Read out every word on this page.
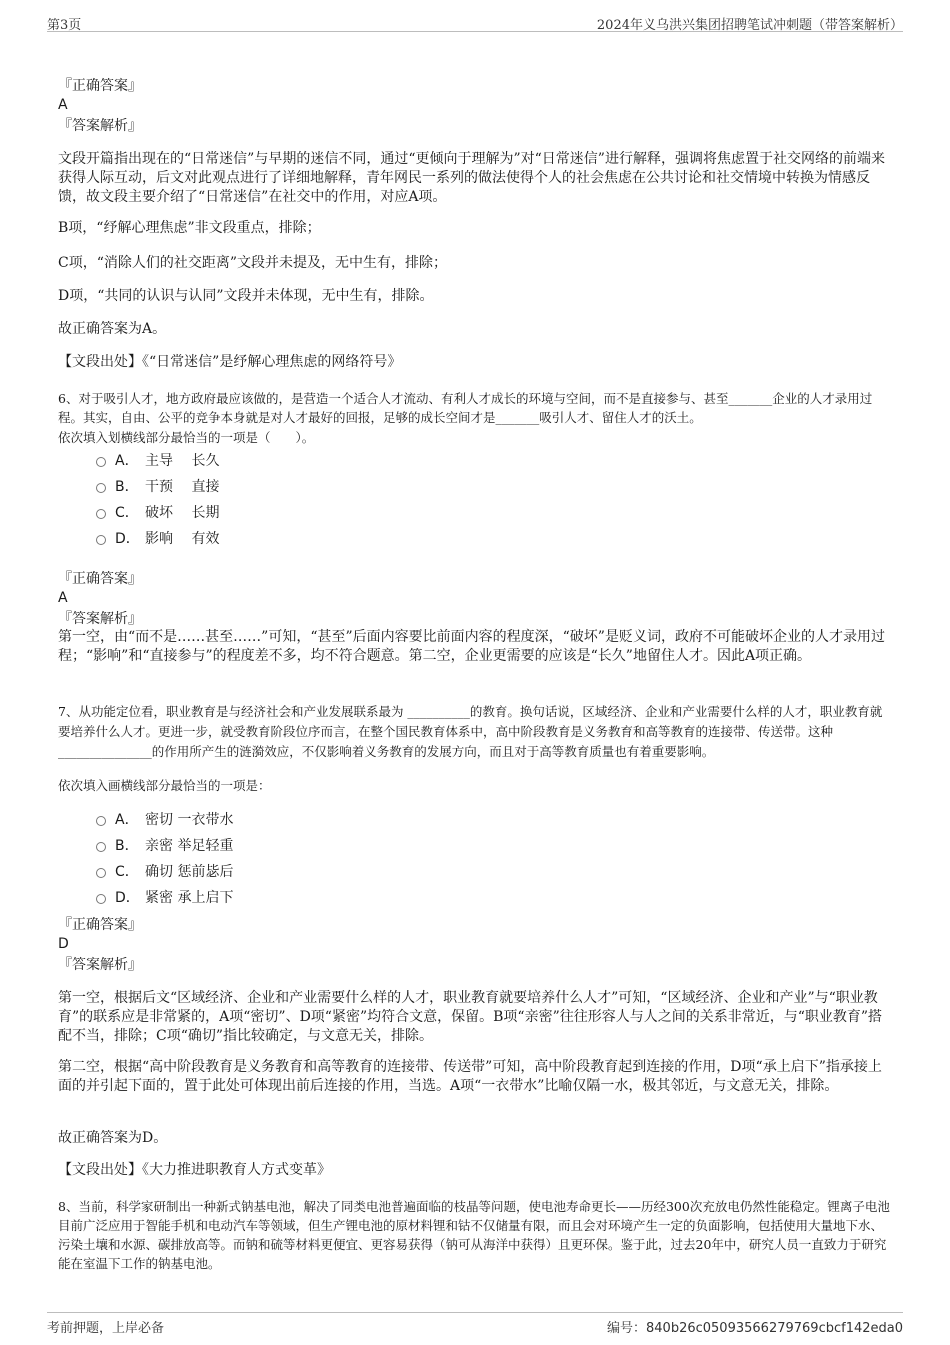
第3页	2024年义乌洪兴集团招聘笔试冲刺题（带答案解析）
『正确答案』
A
『答案解析』
文段开篇指出现在的“日常迷信”与早期的迷信不同，通过“更倾向于理解为”对“日常迷信”进行解释，强调将焦虑置于社交网络的前端来获得人际互动，后文对此观点进行了详细地解释，青年网民一系列的做法使得个人的社会焦虑在公共讨论和社交情境中转换为情感反馈，故文段主要介绍了“日常迷信”在社交中的作用，对应A项。
B项，“纾解心理焦虑”非文段重点，排除；
C项，“消除人们的社交距离”文段并未提及，无中生有，排除；
D项，“共同的认识与认同”文段并未体现，无中生有，排除。
故正确答案为A。
【文段出处】《“日常迷信”是纾解心理焦虑的网络符号》
6、对于吸引人才，地方政府最应该做的，是营造一个适合人才流动、有利人才成长的环境与空间，而不是直接参与、甚至_______企业的人才录用过程。其实，自由、公平的竞争本身就是对人才最好的回报，足够的成长空间才是_______吸引人才、留住人才的沃土。
依次填入划横线部分最恰当的一项是（　　）。
A． 主导　 长久
B． 干预　 直接
C． 破坏　 长期
D． 影响　 有效
『正确答案』
A
『答案解析』
第一空，由“而不是……甚至……”可知，“甚至”后面内容要比前面内容的程度深，“破坏”是贬义词，政府不可能破坏企业的人才录用过程；“影响”和“直接参与”的程度差不多，均不符合题意。第二空，企业更需要的应该是“长久”地留住人才。因此A项正确。
7、从功能定位看，职业教育是与经济社会和产业发展联系最为 __________的教育。换句话说，区域经济、企业和产业需要什么样的人才，职业教育就要培养什么人才。更进一步，就受教育阶段位序而言，在整个国民教育体系中，高中阶段教育是义务教育和高等教育的连接带、传送带。这种 _______________的作用所产生的涟漪效应，不仅影响着义务教育的发展方向，而且对于高等教育质量也有着重要影响。
依次填入画横线部分最恰当的一项是：
A． 密切 一衣带水
B． 亲密 举足轻重
C． 确切 惩前毖后
D． 紧密 承上启下
『正确答案』
D
『答案解析』
第一空，根据后文“区域经济、企业和产业需要什么样的人才，职业教育就要培养什么人才”可知，“区域经济、企业和产业”与“职业教育”的联系应是非常紧的，A项“密切”、D项“紧密”均符合文意，保留。B项“亲密”往往形容人与人之间的关系非常近，与“职业教育”搭配不当，排除；C项“确切”指比较确定，与文意无关，排除。
第二空，根据“高中阶段教育是义务教育和高等教育的连接带、传送带”可知，高中阶段教育起到连接的作用，D项“承上启下”指承接上面的并引起下面的，置于此处可体现出前后连接的作用，当选。A项“一衣带水”比喻仅隔一水，极其邻近，与文意无关，排除。
故正确答案为D。
【文段出处】《大力推进职教育人方式变革》
8、当前，科学家研制出一种新式钠基电池，解决了同类电池普遍面临的枝晶等问题，使电池寿命更长——历经300次充放电仍然性能稳定。锂离子电池目前广泛应用于智能手机和电动汽车等领域，但生产锂电池的原材料锂和钴不仅储量有限，而且会对环境产生一定的负面影响，包括使用大量地下水、污染土壤和水源、碳排放高等。而钠和硫等材料更便宜、更容易获得（钠可从海洋中获得）且更环保。鉴于此，过去20年中，研究人员一直致力于研究能在室温下工作的钠基电池。
考前押题，上岸必备	编号：840b26c05093566279769cbcf142eda0
